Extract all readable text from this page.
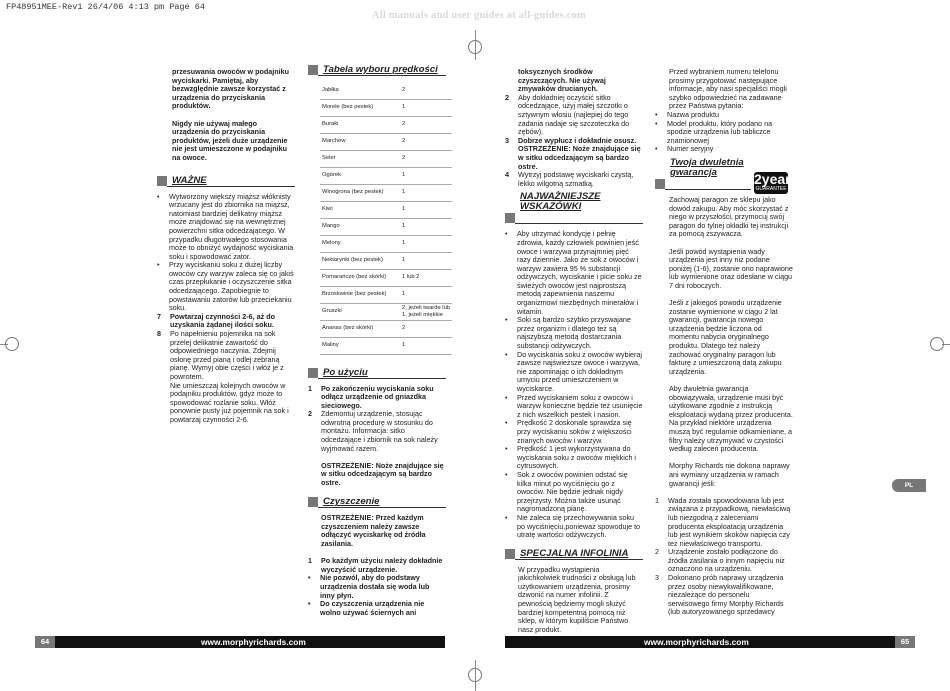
FP48951MEE-Rev1 26/4/06 4:13 pm Page 64
All manuals and user guides at all-guides.com

przesuwania owoców w podajniku wyciskarki. Pamiętaj, aby bezwzględnie zawsze korzystać z urządzenia do przyciskania produktów.

Nigdy nie używaj małego urządzenia do przyciskania produktów, jeżeli duże urządzenie nie jest umieszczone w podajniku na owoce.

WAŻNE
• Wytworzony większy miąższ włóknisty wrzucany jest do zbiornika na miąższ, natomiast bardziej delikatny miąższ może znajdować się na wewnętrznej powierzchni sitka odcedzającego. W przypadku długotrwałego stosowania może to obniżyć wydajność wyciskania soku i spowodować zator.
• Przy wyciskaniu soku z dużej liczby owoców czy warzyw zaleca się co jakiś czas przepłukanie i oczyszczenie sitka odcedzającego. Zapobiegnie to powstawaniu zatorów lub przeciekaniu soku.
7 Powtarzaj czynności 2-6, aż do uzyskania żądanej ilości soku.
8 Po napełnieniu pojemnika na sok przelej delikatnie zawartość do odpowiedniego naczynia. Zdejmij osłonę przed pianą i odlej zebraną pianę. Wymyj obie części i włóż je z powrotem.
Nie umieszczaj kolejnych owoców w podajniku produktów, gdyż może to spowodować rozlanie soku. Włóż ponownie pusty już pojemnik na sok i powtarzaj czynności 2-6.
Tabela wyboru prędkości
Jabłka	2
Morele (bez pestek)	1
Buraki	2
Marchew	2
Seler	2
Ogórek	1
Winogrona (bez pestek)	1
Kiwi	1
Mango	1
Melony	1
Nektarynki (bez pestek)	1
Pomarańcze (bez skórki)	1 lub 2
Brzoskwinie (bez pestek)	1
Gruszki	2, jeżeli twarde lub 1, jeżeli miękkie
Ananas (bez skórki)	2
Maliny	1
Po użyciu
1 Po zakończeniu wyciskania soku odłącz urządzenie od gniazdka sieciowego.

2 Zdemontuj urządzenie, stosując odwrotną procedurę w stosunku do montażu. Informacja: sitko odcedzające i zbiornik na sok należy wyjmować razem.

OSTRZEŻENIE: Noże znajdujące się w sitku odcedzającym są bardzo ostre.

Czyszczenie

OSTRZEŻENIE: Przed każdym czyszczeniem należy zawsze odłączyć wyciskarkę od źródła zasilania.

1 Po każdym użyciu należy dokładnie wyczyścić urządzenie.
• Nie pozwól, aby do podstawy urządzenia dostała się woda lub inny płyn.
• Do czyszczenia urządzenia nie wolno używać ściernych ani
toksycznych środków czyszczących. Nie używaj zmywaków drucianych.
2 Aby dokładniej oczyścić sitko odcedzające, użyj małej szczotki o sztywnym włosiu (najlepiej do tego zadania nadaje się szczoteczka do zębów).
3 Dobrze wypłucz i dokładnie osusz. OSTRZEŻENIE: Noże znajdujące się w sitku odcedzającym są bardzo ostre.
4 Wytrzyj podstawę wyciskarki czystą, lekko wilgotną szmatką.
NAJWAŻNIEJSZE WSKAZÓWKI
• Aby utrzymać kondycję i pełnię zdrowia, każdy człowiek powinien jeść owoce i warzywa przynajmniej pięć razy dziennie. Jako że sok z owoców i warzyw zawiera 95 % substancji odżywczych, wyciskanie i picie soku ze świeżych owoców jest najprostszą metodą zapewnienia naszemu organizmowi niezbędnych minerałów i witamin.
• Soki są bardzo szybko przyswajane przez organizm i dlatego też są najszybszą metodą dostarczania substancji odżywczych.
• Do wyciskania soku z owoców wybieraj zawsze najświeższe owoce i warzywa, nie zapominając o ich dokładnym umyciu przed umieszczeniem w wyciskarce.
• Przed wyciskaniem soku z owoców i warzyw konieczne będzie też usunięcie z nich wszelkich pestek i nasion.
• Prędkość 2 doskonale sprawdza się przy wyciskaniu soków z większości znanych owoców i warzyw.
• Prędkość 1 jest wykorzystywana do wyciskania soku z owoców miękkich i cytrusowych.
• Sok z owoców powinien odstać się kilka minut po wyciśnięciu go z owoców. Nie będzie jednak nigdy przejrzysty. Można także usunąć nagromadzoną pianę.
• Nie zaleca się przechowywania soku po wyciśnięciu,ponieważ spowoduje to utratę wartości odżywczych.
SPECJALNA INFOLINIA
W przypadku wystąpienia jakichkolwiek trudności z obsługą lub użytkowaniem urządzenia, prosimy dzwonić na numer infolinii. Z pewnością będziemy mogli służyć bardziej kompetentną pomocą niż sklep, w którym kupiliście Państwo nasz produkt.
Przed wybraniem numeru telefonu prosimy przygotować następujące informacje, aby nasi specjaliści mogli szybko odpowiedzieć na zadawane przez Państwa pytania:
• Nazwa produktu
• Model produktu, który podano na spodzie urządzenia lub tabliczce znamionowej
• Numer seryjny
Twoja dwuletnia gwarancja

Zachowaj paragon ze sklepu jako dowód zakupu. Aby móc skorzystać z niego w przyszłości, przymocuj swój paragon do tylnej okładki tej instrukcji za pomocą zszywacza.

Jeśli powód wystąpienia wady urządzenia jest inny niż podane poniżej (1-6), zostanie ono naprawione lub wymienione oraz odesłane w ciągu 7 dni roboczych.

Jeśli z jakiegoś powodu urządzenie zostanie wymienione w ciągu 2 lat gwarancji, gwarancja nowego urządzenia będzie liczona od momentu nabycia oryginalnego produktu. Dlatego też należy zachować oryginalny paragon lub fakturę z umieszczoną datą zakupu urządzenia.

Aby dwuletnia gwarancja obowiązywała, urządzenie musi być użytkowane zgodnie z instrukcją eksploatacji wydaną przez producenta. Na przykład niektóre urządzenia muszą być regularnie odkamieniane, a filtry należy utrzymywać w czystości według zaleceń producenta.

Morphy Richards nie dokona naprawy ani wymiany urządzenia w ramach gwarancji jeśli:

1 Wada została spowodowana lub jest związana z przypadkową, niewłaściwą lub niezgodną z zaleceniami producenta eksploatacją urządzenia lub jest wynikiem skoków napięcia czy też niewłaściwego transportu.
2 Urządzenie zostało podłączone do źródła zasilania o innym napięciu niż oznaczono na urządzeniu.
3 Dokonano prób naprawy urządzenia przez osoby niewykwalifikowane, niezależące do personelu serwisowego firmy Morphy Richards (lub autoryzowanego sprzedawcy
2year
GUARANTEE
PL
64	www.morphyrichards.com	www.morphyrichards.com	65
